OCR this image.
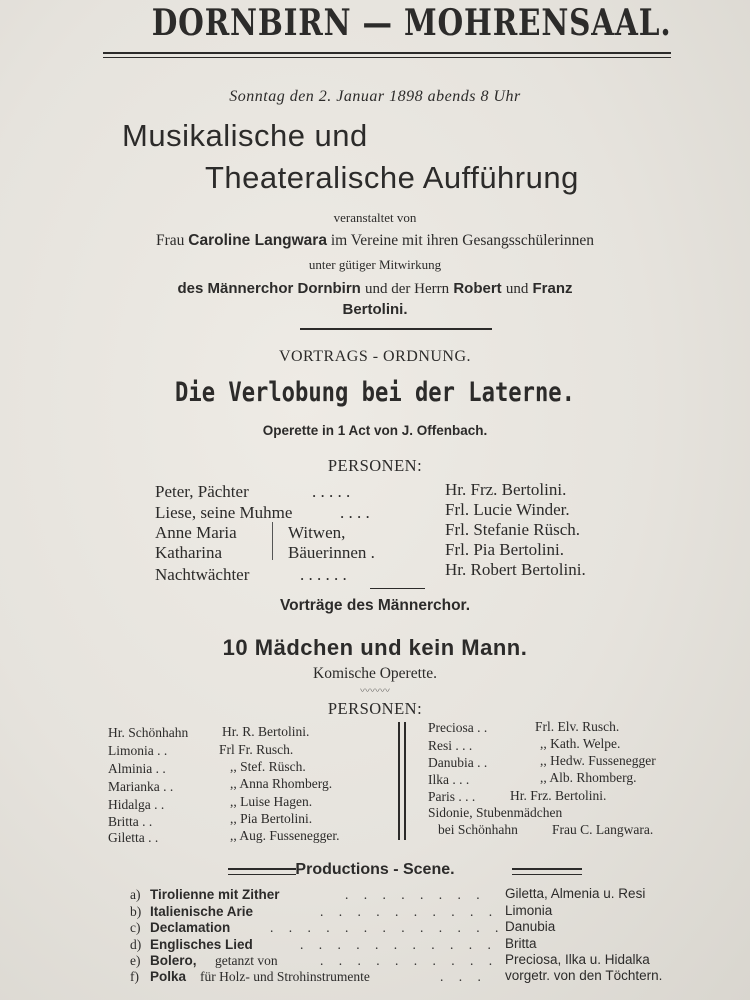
DORNBIRN — MOHRENSAAL.
Sonntag den 2. Januar 1898 abends 8 Uhr
Musikalische und
Theateralische Aufführung
veranstaltet von
Frau Caroline Langwara im Vereine mit ihren Gesangsschülerinnen
unter gütiger Mitwirkung
des Männerchor Dornbirn und der Herrn Robert und Franz
Bertolini.
VORTRAGS - ORDNUNG.
Die Verlobung bei der Laterne.
Operette in 1 Act von J. Offenbach.
PERSONEN:
Peter, Pächter	. . . . .	Hr. Frz. Bertolini.
Liese, seine Muhme	. . . .	Frl. Lucie Winder.
Anne Maria	Witwen,	Frl. Stefanie Rüsch.
Katharina	Bäuerinnen .	Frl. Pia Bertolini.
Nachtwächter	. . . . . .	Hr. Robert Bertolini.
Vorträge des Männerchor.
10 Mädchen und kein Mann.
Komische Operette.
〰〰〰
PERSONEN:
Hr. Schönhahn	Hr. R. Bertolini.
Limonia . .	Frl Fr. Rusch.
Alminia . .	,, Stef. Rüsch.
Marianka . .	,, Anna Rhomberg.
Hidalga . .	,, Luise Hagen.
Britta . .	,, Pia Bertolini.
Giletta . .	,, Aug. Fussenegger.
Preciosa . .	Frl. Elv. Rusch.
Resi . . .	,, Kath. Welpe.
Danubia . .	,, Hedw. Fussenegger
Ilka . . .	,, Alb. Rhomberg.
Paris . . .	Hr. Frz. Bertolini.
Sidonie, Stubenmädchen
bei Schönhahn	Frau C. Langwara.
Productions - Scene.
a) Tirolienne mit Zither	. . . . . . . . Giletta, Almenia u. Resi
b) Italienische Arie	. . . . . . . . . . Limonia
c) Declamation	. . . . . . . . . . . . . Danubia
d) Englisches Lied	. . . . . . . . . . . Britta
e) Bolero, getanzt von	. . . . . . . . . . Preciosa, Ilka u. Hidalka
f) Polka für Holz- und Strohinstrumente	. . . vorgetr. von den Töchtern.
